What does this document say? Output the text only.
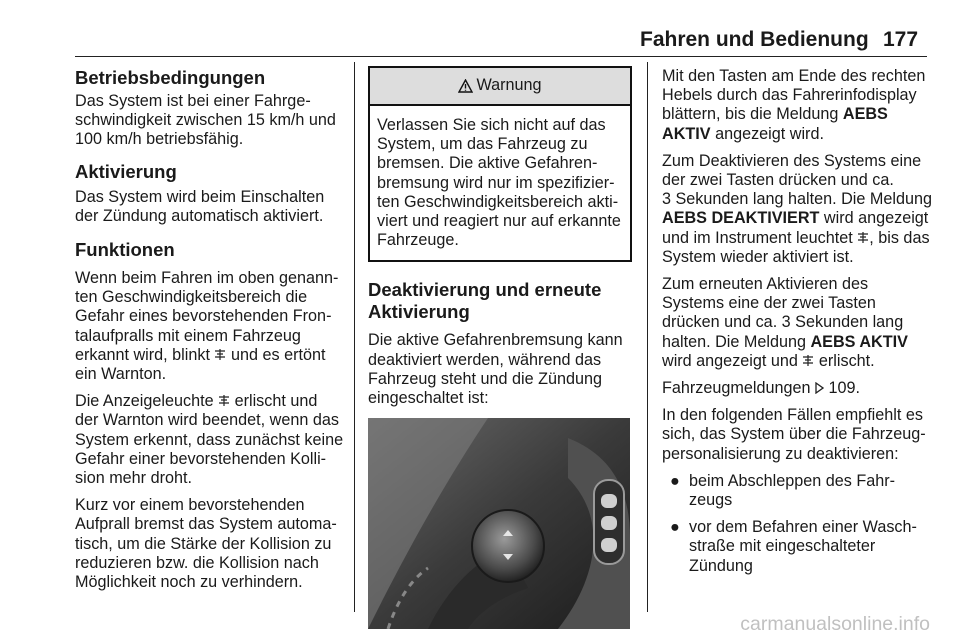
Fahren und Bedienung 177
Betriebsbedingungen

Das System ist bei einer Fahrge-
schwindigkeit zwischen 15 km/h und
100 km/h betriebsfähig.

Aktivierung

Das System wird beim Einschalten
der Zündung automatisch aktiviert.

Funktionen

Wenn beim Fahren im oben genann-
ten Geschwindigkeitsbereich die
Gefahr eines bevorstehenden Fron-
talaufpralls mit einem Fahrzeug
erkannt wird, blinkt und es ertönt
ein Warnton.

Die Anzeigeleuchte erlischt und
der Warnton wird beendet, wenn das
System erkennt, dass zunächst keine
Gefahr einer bevorstehenden Kolli-
sion mehr droht.

Kurz vor einem bevorstehenden
Aufprall bremst das System automa-
tisch, um die Stärke der Kollision zu
reduzieren bzw. die Kollision nach
Möglichkeit noch zu verhindern.

Warnung
Verlassen Sie sich nicht auf das
System, um das Fahrzeug zu
bremsen. Die aktive Gefahren-
bremsung wird nur im spezifizier-
ten Geschwindigkeitsbereich akti-
viert und reagiert nur auf erkannte
Fahrzeuge.
Deaktivierung und erneute
Aktivierung

Die aktive Gefahrenbremsung kann
deaktiviert werden, während das
Fahrzeug steht und die Zündung
eingeschaltet ist:

Mit den Tasten am Ende des rechten
Hebels durch das Fahrerinfodisplay
blättern, bis die Meldung AEBS
AKTIV angezeigt wird.

Zum Deaktivieren des Systems eine
der zwei Tasten drücken und ca.
3 Sekunden lang halten. Die Meldung
AEBS DEAKTIVIERT wird angezeigt
und im Instrument leuchtet , bis das
System wieder aktiviert ist.

Zum erneuten Aktivieren des
Systems eine der zwei Tasten
drücken und ca. 3 Sekunden lang
halten. Die Meldung AEBS AKTIV
wird angezeigt und erlischt.

Fahrzeugmeldungen 109.

In den folgenden Fällen empfiehlt es
sich, das System über die Fahrzeug-
personalisierung zu deaktivieren:

● beim Abschleppen des Fahr-
zeugs
● vor dem Befahren einer Wasch-
straße mit eingeschalteter
Zündung
carmanualsonline.info
